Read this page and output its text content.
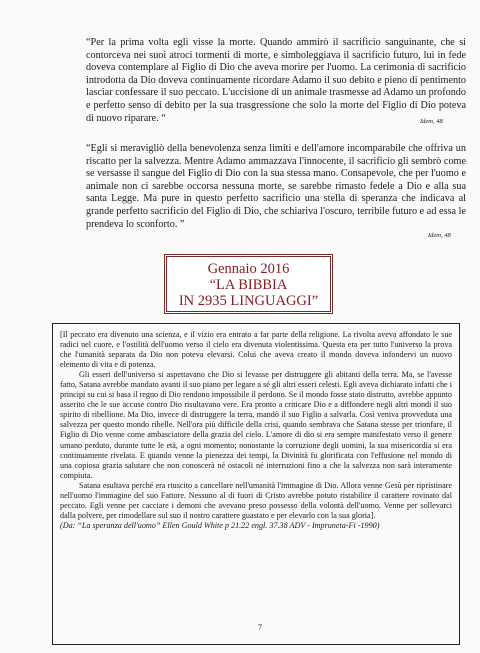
“Per la prima volta egli visse la morte. Quando ammirò il sacrificio sanguinante, che si contorceva nei suoi atroci tormenti di morte, e simboleggiava il sacrificio futuro, lui in fede doveva contemplare al Figlio di Dio che aveva morire per l'uomo. La cerimonia di sacrificio introdotta da Dio doveva continuamente ricordare Adamo il suo debito e pieno di pentimento lasciar confessare il suo peccato. L'uccisione di un animale trasmesse ad Adamo un profondo e perfetto senso di debito per la sua trasgressione che solo la morte del Figlio di Dio poteva di nuovo riparare. “	Idem, 48
“Egli si meravigliò della benevolenza senza limiti e dell'amore incomparabile che offriva un riscatto per la salvezza. Mentre Adamo ammazzava l'innocente, il sacrificio gli sembrò come se versasse il sangue del Figlio di Dio con la sua stessa mano. Consapevole, che per l'uomo e animale non ci sarebbe occorsa nessuna morte, se sarebbe rimasto fedele a Dio e alla sua santa Legge. Ma pure in questo perfetto sacrificio una stella di speranza che indicava al grande perfetto sacrificio del Figlio di Dio, che schiariva l'oscuro, terribile futuro e ad essa le prendeva lo sconforto. ”
Idem, 48
Gennaio 2016
“LA BIBBIA
IN 2935 LINGUAGGI”

[Il peccato era divenuto una scienza, e il vizio era entrato a far parte della religione. La rivolta aveva affondato le sue radici nel cuore, e l'ostilità dell'uomo verso il cielo era divenuta violentissima. Questa era per tutto l'universo la prova che l'umanità separata da Dio non poteva elevarsi. Colui che aveva creato il mondo doveva infondervi un nuovo elemento di vita e di potenza.

Gli esseri dell'universo si aspettavano che Dio si levasse per distruggere gli abitanti della terra. Ma, se l'avesse fatto, Satana avrebbe mandato avanti il suo piano per legare a sé gli altri esseri celesti. Egli aveva dichiarato infatti che i principi su cui si basa il regno di Dio rendono impossibile il perdono. Se il mondo fosse stato distrutto, avrebbe appunto asserito che le sue accuse contro Dio risultavano vere. Era pronto a criticare Dio e a diffondere negli altri mondi il suo spirito di ribellione. Ma Dio, invece di distruggere la terra, mandò il suo Figlio a salvarla. Così veniva provveduta una salvezza per questo mondo ribelle. Nell'ora più difficile della crisi, quando sembrava che Satana stesse per trionfare, il Figlio di Dio venne come ambasciatore della grazia del cielo. L'amore di dio si era sempre manifestato verso il genere umano perduto, durante tutte le età, a ogni momento; nonostante la corruzione degli uomini, la sua misericordia si era continuamente rivelata. E quando venne la pienezza dei tempi, la Divinità fu glorificata con l'effusione nel mondo di una copiosa grazia salutare che non conoscerà né ostacoli né interruzioni fino a che la salvezza non sarà interamente compiuta.

Satana esultava perché era riuscito a cancellare nell'umanità l'immagine di Dio. Allora venne Gesù per ripristinare nell'uomo l'immagine del suo Fattore. Nessuno al di fuori di Cristo avrebbe potuto ristabilire il carattere rovinato dal peccato. Egli venne per cacciare i demoni che avevano preso possesso della volontà dell'uomo. Venne per sollevarci dalla polvere, per rimodellare sul suo il nostro carattere guastato e per elevarlo con la sua gloria].

(Da: “La speranza dell'uomo” Ellen Gould White p 21.22 engl. 37.38 ADV - Impruneta-Fi -1990)

7
